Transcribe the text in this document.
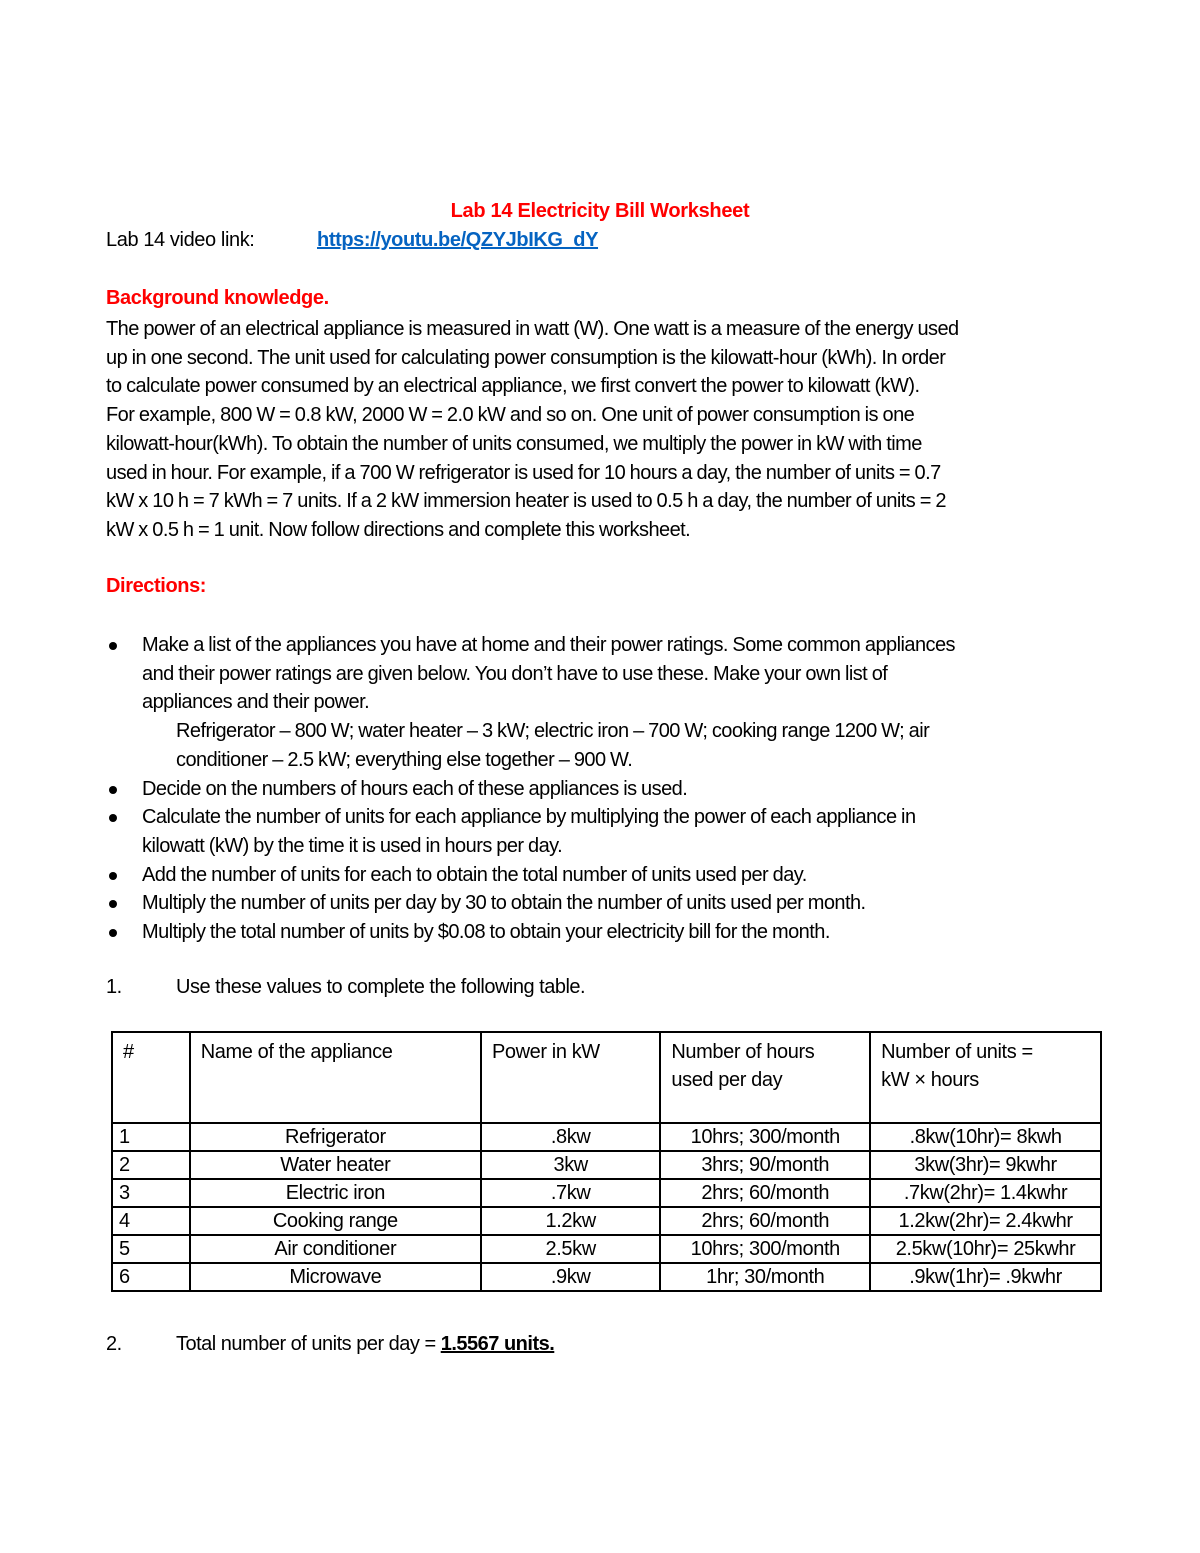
Lab 14 Electricity Bill Worksheet
Lab 14 video link:	https://youtu.be/QZYJbIKG_dY
Background knowledge.
The power of an electrical appliance is measured in watt (W). One watt is a measure of the energy used
up in one second. The unit used for calculating power consumption is the kilowatt-hour (kWh). In order
to calculate power consumed by an electrical appliance, we first convert the power to kilowatt (kW).
For example, 800 W = 0.8 kW, 2000 W = 2.0 kW and so on. One unit of power consumption is one
kilowatt-hour(kWh). To obtain the number of units consumed, we multiply the power in kW with time
used in hour. For example, if a 700 W refrigerator is used for 10 hours a day, the number of units = 0.7
kW x 10 h = 7 kWh = 7 units. If a 2 kW immersion heater is used to 0.5 h a day, the number of units = 2
kW x 0.5 h = 1 unit. Now follow directions and complete this worksheet.
Directions:
Make a list of the appliances you have at home and their power ratings. Some common appliances
and their power ratings are given below. You don’t have to use these. Make your own list of
appliances and their power.
Refrigerator – 800 W; water heater – 3 kW; electric iron – 700 W; cooking range 1200 W; air
conditioner – 2.5 kW; everything else together – 900 W.
Decide on the numbers of hours each of these appliances is used.
Calculate the number of units for each appliance by multiplying the power of each appliance in
kilowatt (kW) by the time it is used in hours per day.
Add the number of units for each to obtain the total number of units used per day.
Multiply the number of units per day by 30 to obtain the number of units used per month.
Multiply the total number of units by $0.08 to obtain your electricity bill for the month.
1.	Use these values to complete the following table.
#	Name of the appliance	Power in kW	Number of hours
used per day	Number of units =
kW × hours
1	Refrigerator	.8kw	10hrs; 300/month	.8kw(10hr)= 8kwh
2	Water heater	3kw	3hrs; 90/month	3kw(3hr)= 9kwhr
3	Electric iron	.7kw	2hrs; 60/month	.7kw(2hr)= 1.4kwhr
4	Cooking range	1.2kw	2hrs; 60/month	1.2kw(2hr)= 2.4kwhr
5	Air conditioner	2.5kw	10hrs; 300/month	2.5kw(10hr)= 25kwhr
6	Microwave	.9kw	1hr; 30/month	.9kw(1hr)= .9kwhr
2.	Total number of units per day = 1.5567 units.
